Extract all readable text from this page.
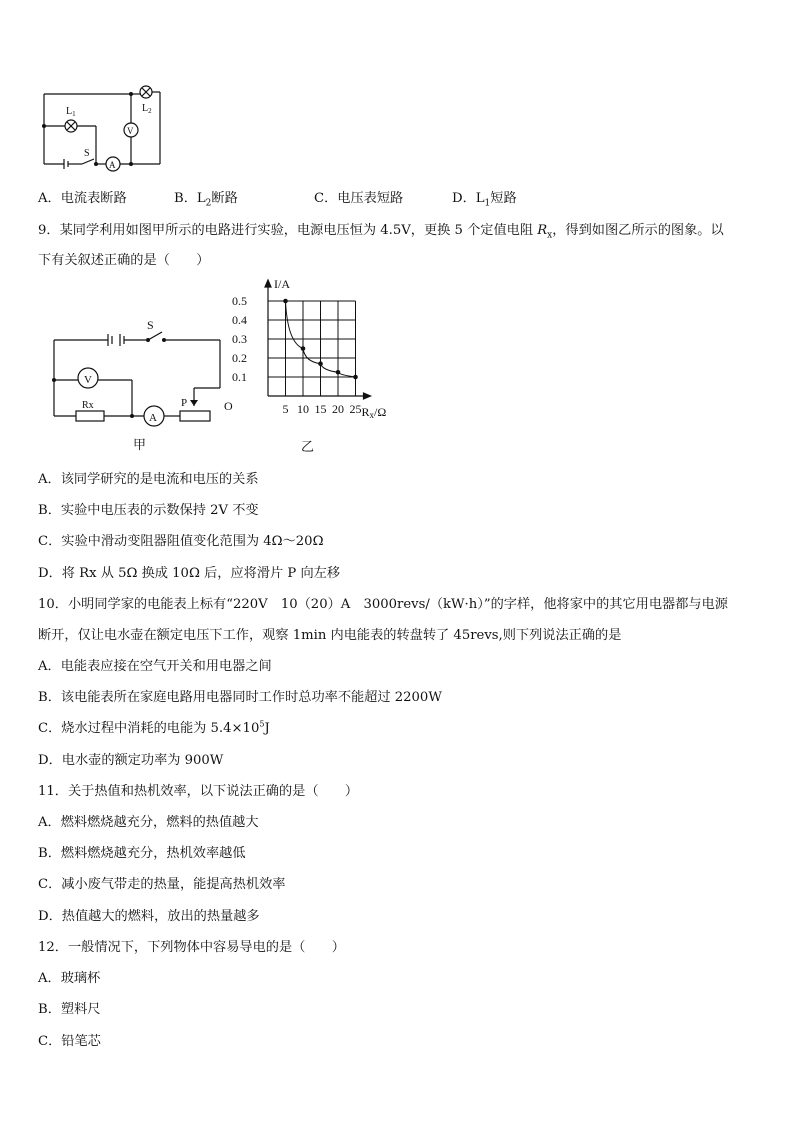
$L_1$	$L_2$
V
A
S
A．电流表断路	B．$L_2$断路	C．电压表短路	D．$L_1$短路
9．某同学利用如图甲所示的电路进行实验，电源电压恒为 4.5V，更换 5 个定值电阻 $R_x$，得到如图乙所示的图象。以
下有关叙述正确的是（　　）
S
V
A
Rx	P
甲
5 10 15 20 25
0.1
0.2
0.3
0.4
0.5
O
I/A
Rx/Ω
乙
A．该同学研究的是电流和电压的关系
B．实验中电压表的示数保持 2V 不变
C．实验中滑动变阻器阻值变化范围为 4Ω～20Ω
D．将 Rx 从 5Ω 换成 10Ω 后，应将滑片 P 向左移
10．小明同学家的电能表上标有“220V　10（20）A　3000revs/（kW·h）”的字样，他将家中的其它用电器都与电源
断开，仅让电水壶在额定电压下工作，观察 1min 内电能表的转盘转了 45revs,则下列说法正确的是
A．电能表应接在空气开关和用电器之间
B．该电能表所在家庭电路用电器同时工作时总功率不能超过 2200W
C．烧水过程中消耗的电能为 $5.4\times 10^5J$
D．电水壶的额定功率为 900W
11．关于热值和热机效率，以下说法正确的是（　　）
A．燃料燃烧越充分，燃料的热值越大
B．燃料燃烧越充分，热机效率越低
C．减小废气带走的热量，能提高热机效率
D．热值越大的燃料，放出的热量越多
12．一般情况下，下列物体中容易导电的是（　　）
A．玻璃杯
B．塑料尺
C．铅笔芯
